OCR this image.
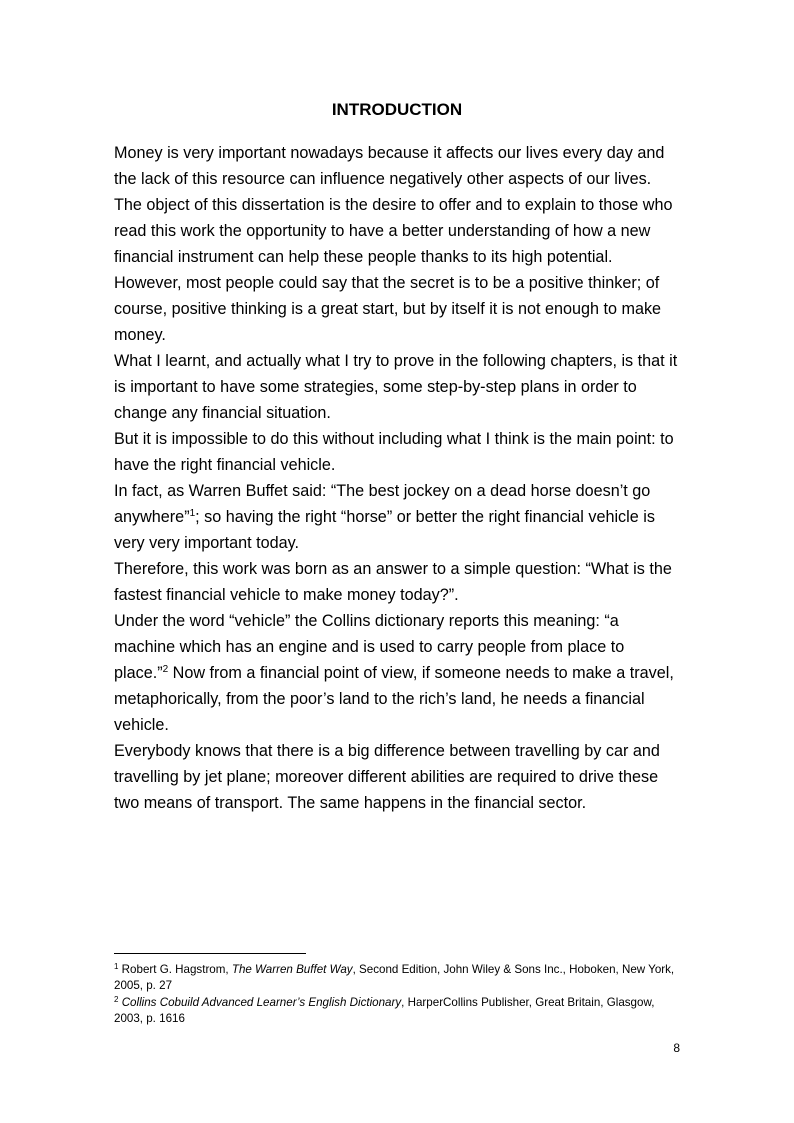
INTRODUCTION

Money is very important nowadays because it affects our lives every day and the lack of this resource can influence negatively other aspects of our lives.

The object of this dissertation is the desire to offer and to explain to those who read this work the opportunity to have a better understanding of how a new financial instrument can help these people thanks to its high potential.

However, most people could say that the secret is to be a positive thinker; of course, positive thinking is a great start, but by itself it is not enough to make money.

What I learnt, and actually what I try to prove in the following chapters, is that it is important to have some strategies, some step-by-step plans in order to change any financial situation.

But it is impossible to do this without including what I think is the main point: to have the right financial vehicle.

In fact, as Warren Buffet said: “The best jockey on a dead horse doesn’t go anywhere”$^1$; so having the right “horse” or better the right financial vehicle is very very important today.

Therefore, this work was born as an answer to a simple question: “What is the fastest financial vehicle to make money today?”.

Under the word “vehicle” the Collins dictionary reports this meaning: “a machine which has an engine and is used to carry people from place to place.”$^2$ Now from a financial point of view, if someone needs to make a travel, metaphorically, from the poor’s land to the rich’s land, he needs a financial vehicle.

Everybody knows that there is a big difference between travelling by car and travelling by jet plane; moreover different abilities are required to drive these two means of transport. The same happens in the financial sector.

$^1$ Robert G. Hagstrom, The Warren Buffet Way, Second Edition, John Wiley & Sons Inc., Hoboken, New York, 2005, p. 27

$^2$ Collins Cobuild Advanced Learner’s English Dictionary, HarperCollins Publisher, Great Britain, Glasgow, 2003, p. 1616

8
